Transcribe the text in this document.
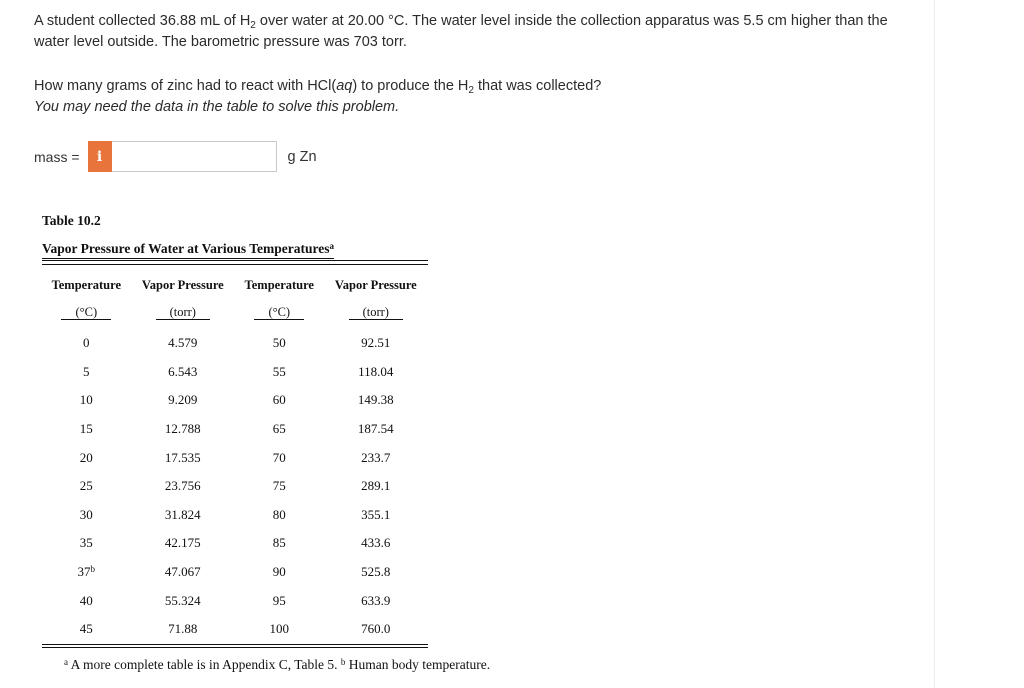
A student collected 36.88 mL of $H_2$ over water at 20.00 °C. The water level inside the collection apparatus was 5.5 cm higher than the water level outside. The barometric pressure was 703 torr.
How many grams of zinc had to react with HCl(aq) to produce the $H_2$ that was collected?
You may need the data in the table to solve this problem.
mass =	i	g Zn
Table 10.2
Vapor Pressure of Water at Various Temperatures$^a$
Temperature	Vapor Pressure	Temperature	Vapor Pressure
(°C)	(torr)	(°C)	(torr)
0	4.579	50	92.51
5	6.543	55	118.04
10	9.209	60	149.38
15	12.788	65	187.54
20	17.535	70	233.7
25	23.756	75	289.1
30	31.824	80	355.1
35	42.175	85	433.6
37$^b$	47.067	90	525.8
40	55.324	95	633.9
45	71.88	100	760.0
$^a$ A more complete table is in Appendix C, Table 5. $^b$ Human body temperature.
